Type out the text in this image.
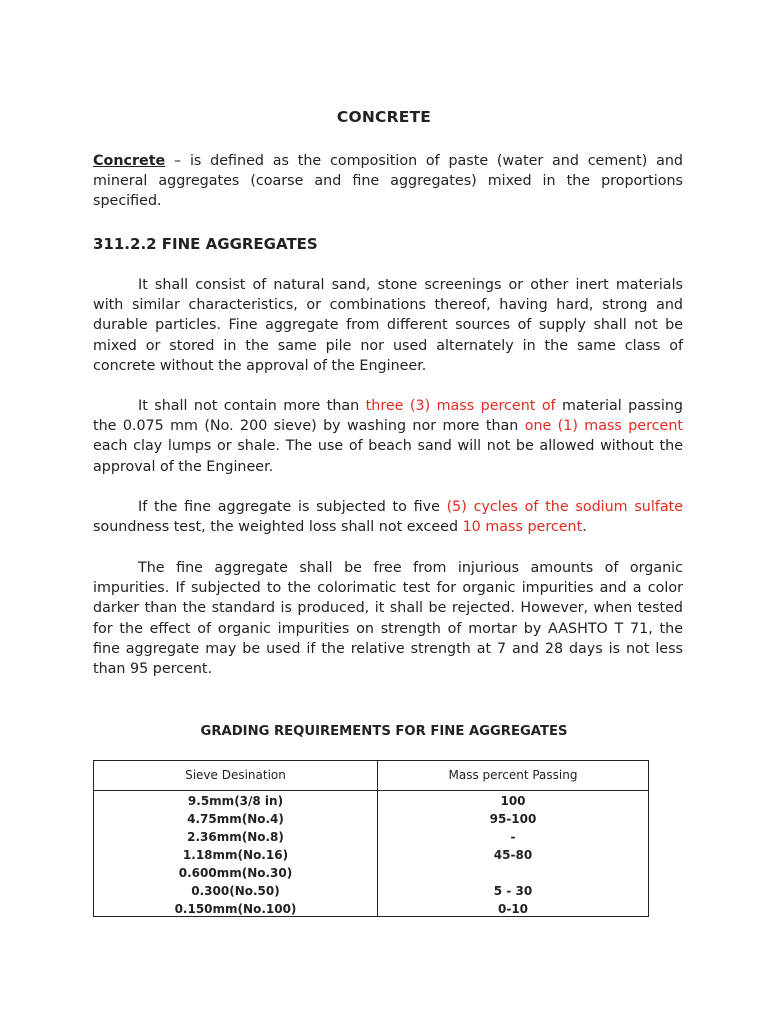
CONCRETE

Concrete – is defined as the composition of paste (water and cement) and mineral aggregates (coarse and fine aggregates) mixed in the proportions specified.

311.2.2 FINE AGGREGATES

It shall consist of natural sand, stone screenings or other inert materials with similar characteristics, or combinations thereof, having hard, strong and durable particles. Fine aggregate from different sources of supply shall not be mixed or stored in the same pile nor used alternately in the same class of concrete without the approval of the Engineer.

It shall not contain more than three (3) mass percent of material passing the 0.075 mm (No. 200 sieve) by washing nor more than one (1) mass percent each clay lumps or shale. The use of beach sand will not be allowed without the approval of the Engineer.

If the fine aggregate is subjected to five (5) cycles of the sodium sulfate soundness test, the weighted loss shall not exceed 10 mass percent.

The fine aggregate shall be free from injurious amounts of organic impurities. If subjected to the colorimatic test for organic impurities and a color darker than the standard is produced, it shall be rejected. However, when tested for the effect of organic impurities on strength of mortar by AASHTO T 71, the fine aggregate may be used if the relative strength at 7 and 28 days is not less than 95 percent.

GRADING REQUIREMENTS FOR FINE AGGREGATES
Sieve Desination	Mass percent Passing
9.5mm(3/8 in)
4.75mm(No.4)
2.36mm(No.8)
1.18mm(No.16)
0.600mm(No.30)
0.300(No.50)
0.150mm(No.100)
100
95-100
-
45-80
5 - 30
0-10
